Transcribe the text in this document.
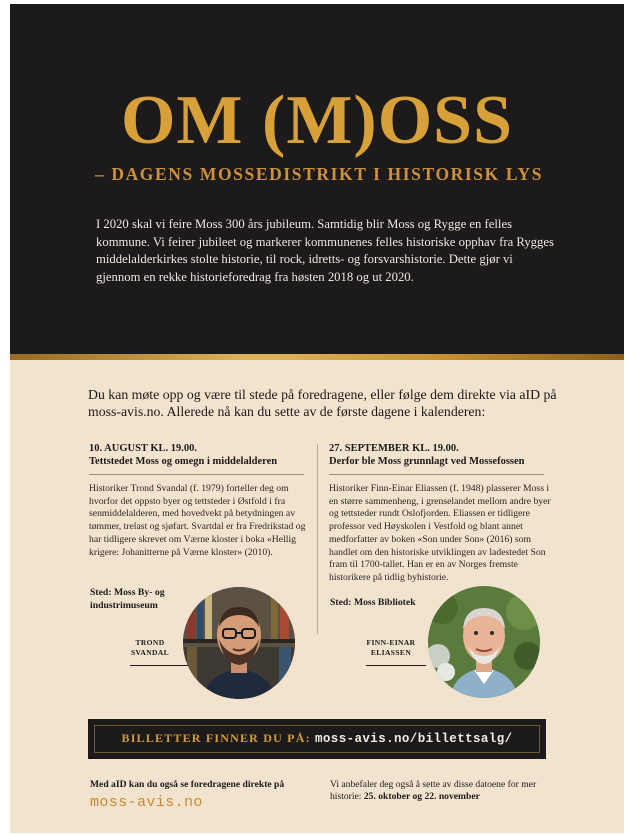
OM (M)OSS
– DAGENS MOSSEDISTRIKT I HISTORISK LYS
I 2020 skal vi feire Moss 300 års jubileum. Samtidig blir Moss og Rygge en felles kommune. Vi feirer jubileet og markerer kommunenes felles historiske opphav fra Rygges middelalderkirkes stolte historie, til rock, idretts- og forsvarshistorie. Dette gjør vi gjennom en rekke historieforedrag fra høsten 2018 og ut 2020.
Du kan møte opp og være til stede på foredragene, eller følge dem direkte via aID på moss-avis.no. Allerede nå kan du sette av de første dagene i kalenderen:
10. AUGUST KL. 19.00.
Tettstedet Moss og omegn i middelalderen
Historiker Trond Svandal (f. 1979) forteller deg om hvorfor det oppsto byer og tettsteder i Østfold i fra senmiddelalderen, med hovedvekt på betydningen av tømmer, trelast og sjøfart. Svartdal er fra Fredrikstad og har tidligere skrevet om Værne kloster i boka «Hellig krigere: Johanitterne på Værne kloster» (2010).
27. SEPTEMBER KL. 19.00.
Derfor ble Moss grunnlagt ved Mossefossen
Historiker Finn-Einar Eliassen (f. 1948) plasserer Moss i en større sammenheng, i grenselandet mellom andre byer og tettsteder rundt Oslofjorden. Eliassen er tidligere professor ved Høyskolen i Vestfold og blant annet medforfatter av boken «Son under Son» (2016) som handlet om den historiske utviklingen av ladestedet Son fram til 1700-tallet. Han er en av Norges fremste historikere på tidlig byhistorie.
Sted: Moss By- og industrimuseum	Sted: Moss Bibliotek
TROND
SVANDAL
FINN-EINAR
ELIASSEN
BILLETTER FINNER DU PÅ: moss-avis.no/billettsalg/
Med aID kan du også se foredragene direkte på
moss-avis.no
Vi anbefaler deg også å sette av disse datoene for mer historie: 25. oktober og 22. november
